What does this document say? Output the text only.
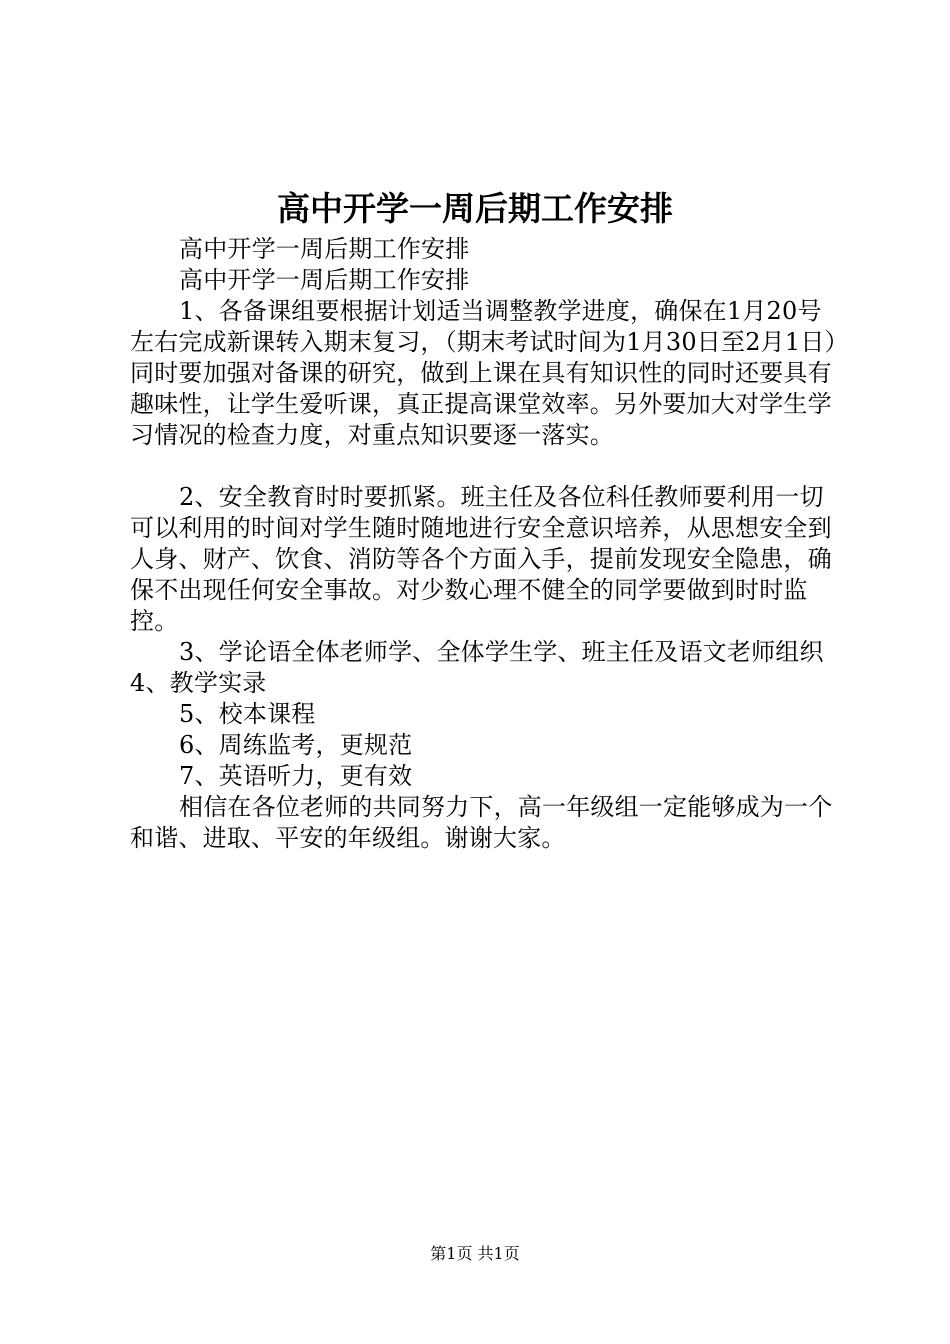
高中开学一周后期工作安排

高中开学一周后期工作安排

高中开学一周后期工作安排

1、各备课组要根据计划适当调整教学进度，确保在1月20号左右完成新课转入期末复习，（期末考试时间为1月30日至2月1日）同时要加强对备课的研究，做到上课在具有知识性的同时还要具有趣味性，让学生爱听课，真正提高课堂效率。另外要加大对学生学习情况的检查力度，对重点知识要逐一落实。

2、安全教育时时要抓紧。班主任及各位科任教师要利用一切可以利用的时间对学生随时随地进行安全意识培养，从思想安全到人身、财产、饮食、消防等各个方面入手，提前发现安全隐患，确保不出现任何安全事故。对少数心理不健全的同学要做到时时监控。

3、学论语全体老师学、全体学生学、班主任及语文老师组织4、教学实录

5、校本课程

6、周练监考，更规范

7、英语听力，更有效

相信在各位老师的共同努力下，高一年级组一定能够成为一个和谐、进取、平安的年级组。谢谢大家。

第1页 共1页
